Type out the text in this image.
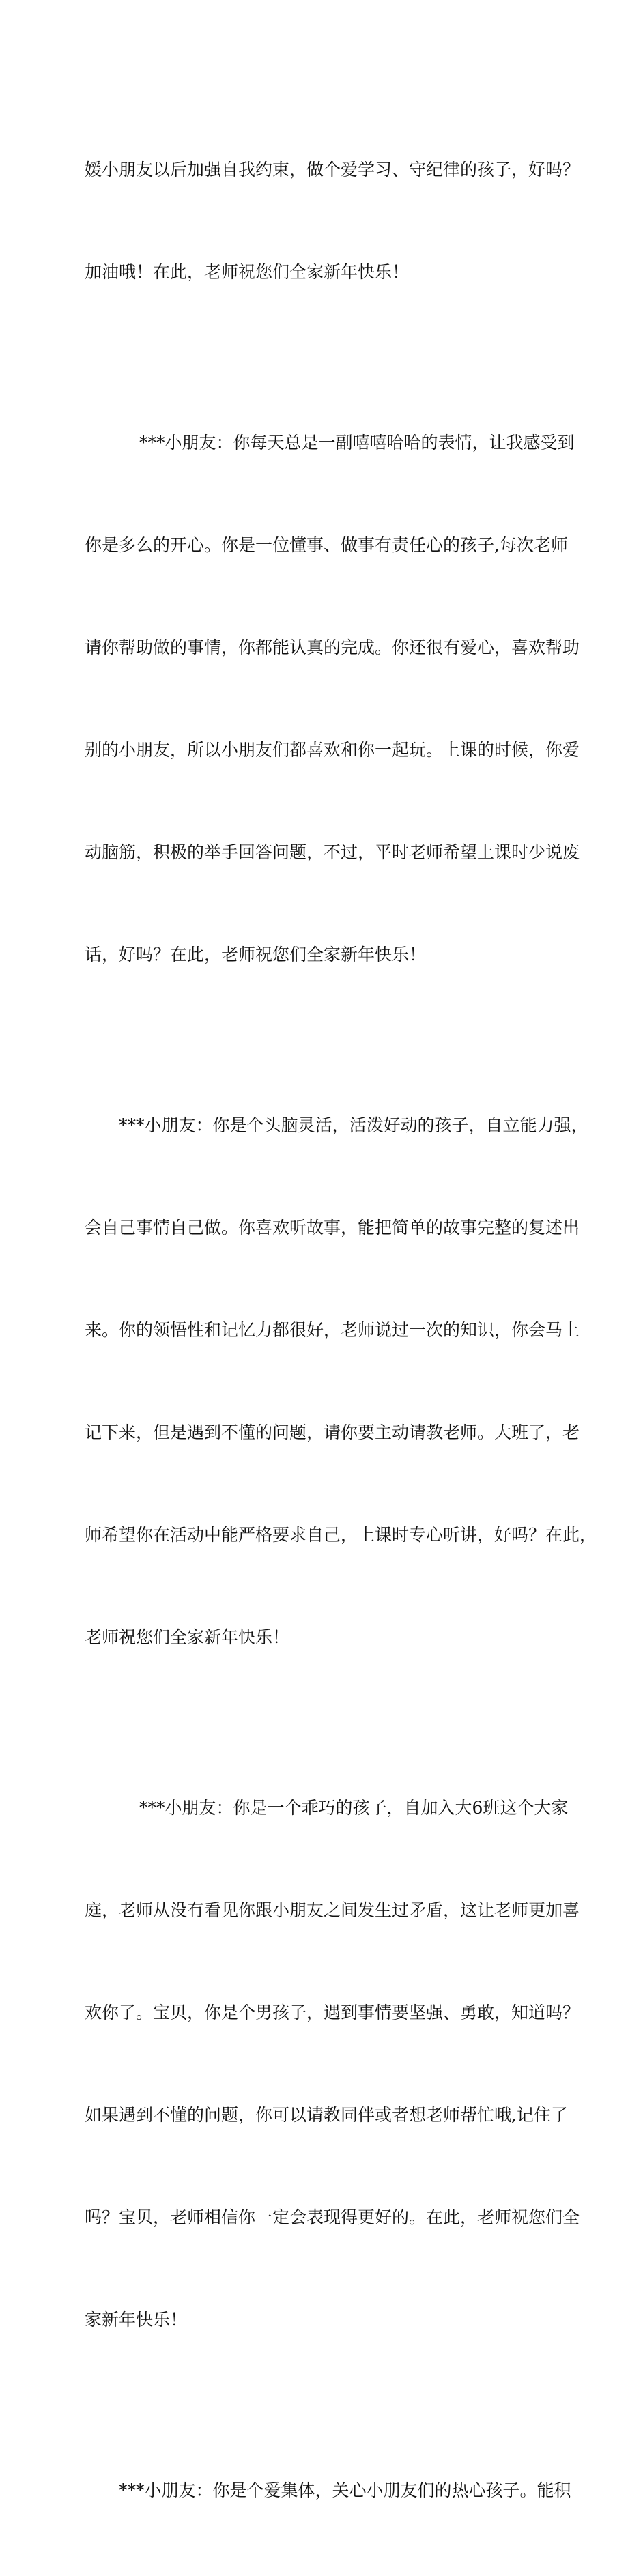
媛小朋友以后加强自我约束，做个爱学习、守纪律的孩子，好吗？

加油哦！在此，老师祝您们全家新年快乐！

***小朋友：你每天总是一副嘻嘻哈哈的表情，让我感受到

你是多么的开心。你是一位懂事、做事有责任心的孩子,每次老师

请你帮助做的事情，你都能认真的完成。你还很有爱心，喜欢帮助

别的小朋友，所以小朋友们都喜欢和你一起玩。上课的时候，你爱

动脑筋，积极的举手回答问题，不过，平时老师希望上课时少说废

话，好吗？在此，老师祝您们全家新年快乐！

***小朋友：你是个头脑灵活，活泼好动的孩子，自立能力强，

会自己事情自己做。你喜欢听故事，能把简单的故事完整的复述出

来。你的领悟性和记忆力都很好，老师说过一次的知识，你会马上

记下来，但是遇到不懂的问题，请你要主动请教老师。大班了，老

师希望你在活动中能严格要求自己，上课时专心听讲，好吗？在此，

老师祝您们全家新年快乐！

***小朋友：你是一个乖巧的孩子，自加入大6班这个大家

庭，老师从没有看见你跟小朋友之间发生过矛盾，这让老师更加喜

欢你了。宝贝，你是个男孩子，遇到事情要坚强、勇敢，知道吗？

如果遇到不懂的问题，你可以请教同伴或者想老师帮忙哦,记住了

吗？宝贝，老师相信你一定会表现得更好的。在此，老师祝您们全

家新年快乐！

***小朋友：你是个爱集体，关心小朋友们的热心孩子。能积
